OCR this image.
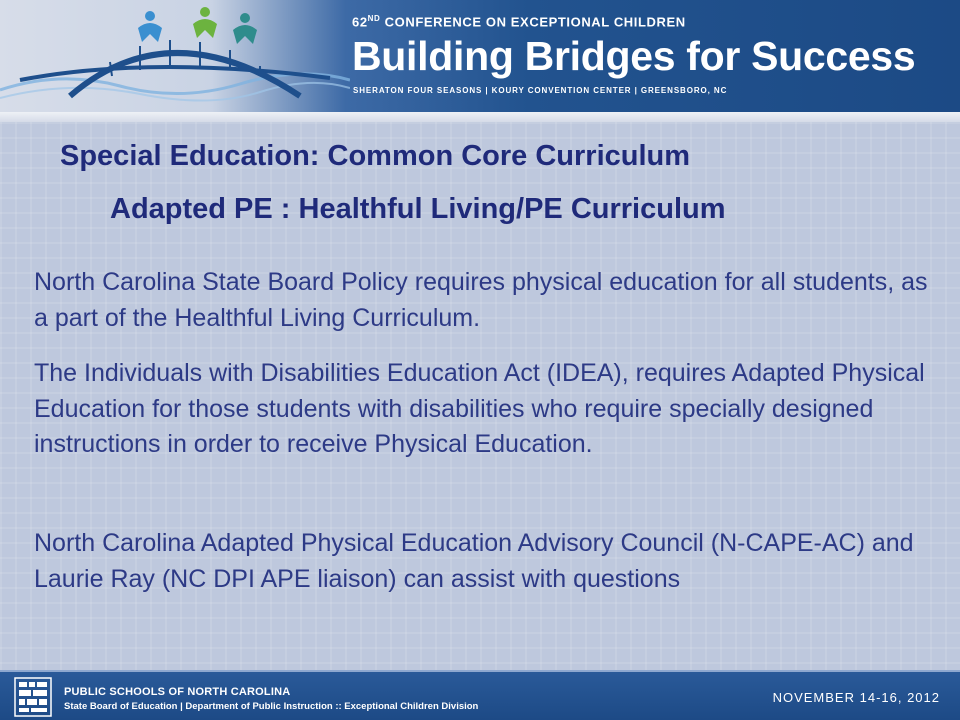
62ND CONFERENCE ON EXCEPTIONAL CHILDREN
Building Bridges for Success
SHERATON FOUR SEASONS | KOURY CONVENTION CENTER | GREENSBORO, NC
Special Education: Common Core Curriculum
Adapted PE : Healthful Living/PE Curriculum

North Carolina State Board Policy requires physical education for all students, as a part of the Healthful Living Curriculum.

The Individuals with Disabilities Education Act (IDEA), requires Adapted Physical Education for those students with disabilities who require specially designed instructions in order to receive Physical Education.

North Carolina Adapted Physical Education Advisory Council (N-CAPE-AC) and Laurie Ray (NC DPI APE liaison) can assist with questions

PUBLIC SCHOOLS OF NORTH CAROLINA
State Board of Education | Department of Public Instruction :: Exceptional Children Division
NOVEMBER 14-16, 2012
